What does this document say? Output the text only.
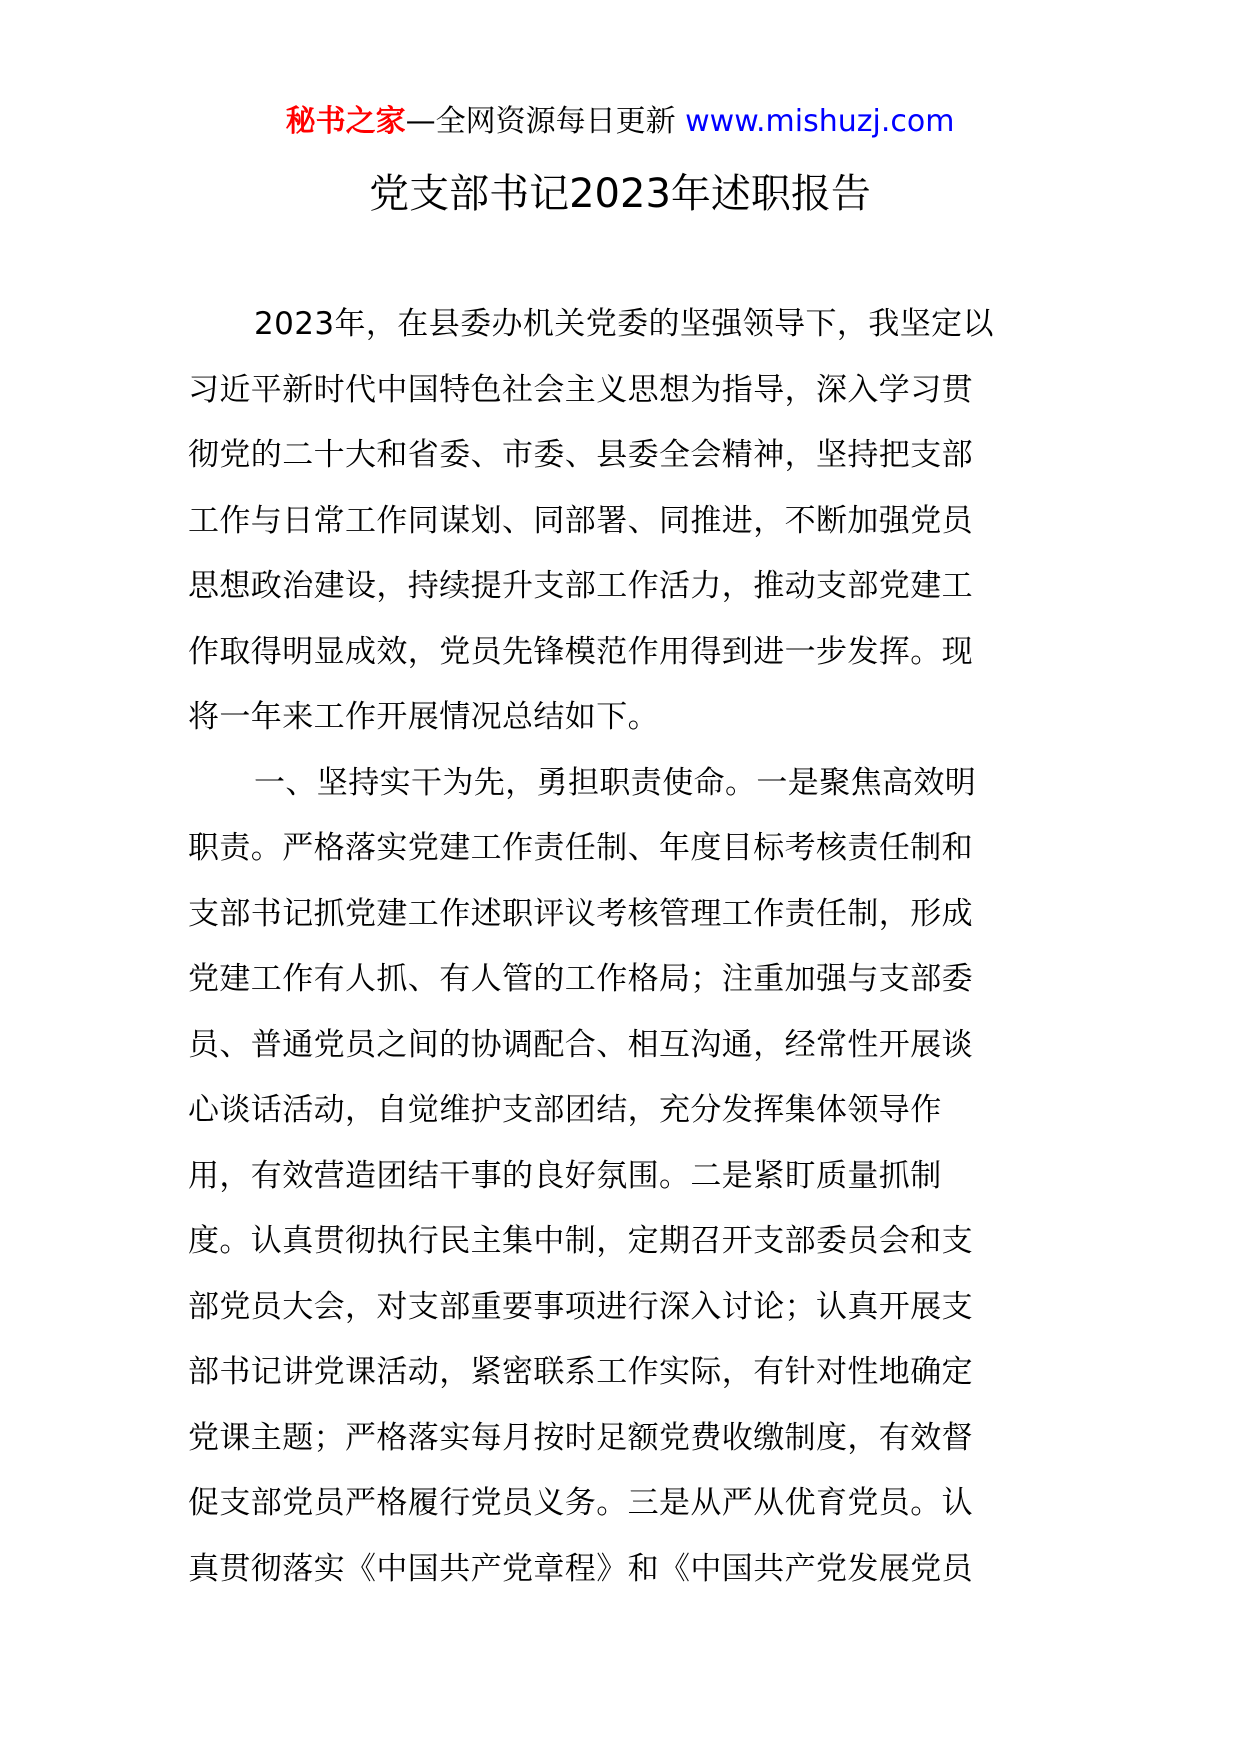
秘书之家—全网资源每日更新 www.mishuzj.com
党支部书记2023年述职报告
2023年，在县委办机关党委的坚强领导下，我坚定以
习近平新时代中国特色社会主义思想为指导，深入学习贯
彻党的二十大和省委、市委、县委全会精神，坚持把支部
工作与日常工作同谋划、同部署、同推进，不断加强党员
思想政治建设，持续提升支部工作活力，推动支部党建工
作取得明显成效，党员先锋模范作用得到进一步发挥。现
将一年来工作开展情况总结如下。
一、坚持实干为先，勇担职责使命。一是聚焦高效明
职责。严格落实党建工作责任制、年度目标考核责任制和
支部书记抓党建工作述职评议考核管理工作责任制，形成
党建工作有人抓、有人管的工作格局；注重加强与支部委
员、普通党员之间的协调配合、相互沟通，经常性开展谈
心谈话活动，自觉维护支部团结，充分发挥集体领导作
用，有效营造团结干事的良好氛围。二是紧盯质量抓制
度。认真贯彻执行民主集中制，定期召开支部委员会和支
部党员大会，对支部重要事项进行深入讨论；认真开展支
部书记讲党课活动，紧密联系工作实际，有针对性地确定
党课主题；严格落实每月按时足额党费收缴制度，有效督
促支部党员严格履行党员义务。三是从严从优育党员。认
真贯彻落实《中国共产党章程》和《中国共产党发展党员
